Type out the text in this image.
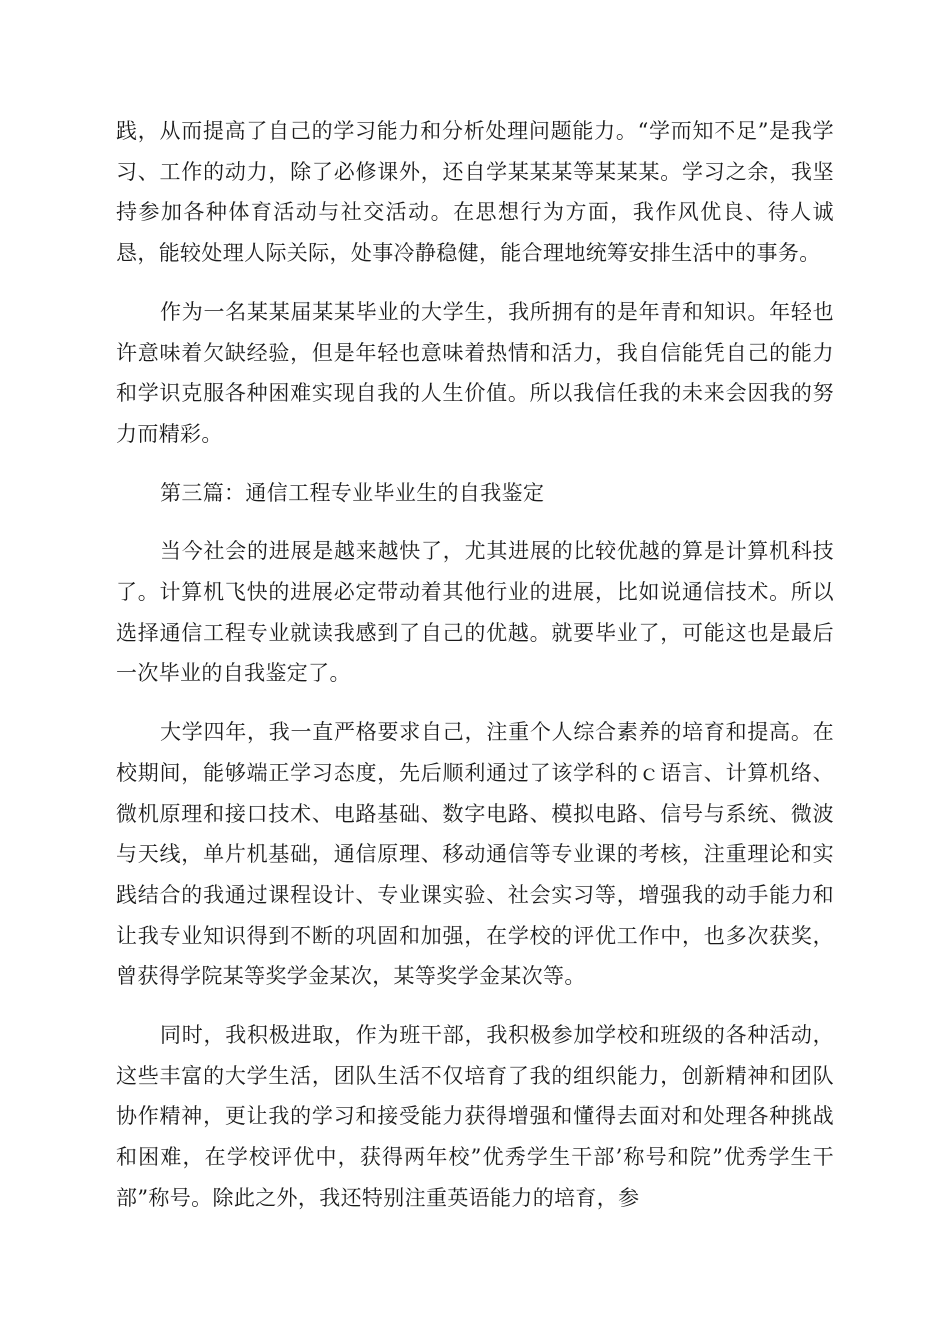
践，从而提高了自己的学习能力和分析处理问题能力。“学而知不足”是我学习、工作的动力，除了必修课外，还自学某某某等某某某。学习之余，我坚持参加各种体育活动与社交活动。在思想行为方面，我作风优良、待人诚恳，能较处理人际关际，处事冷静稳健，能合理地统筹安排生活中的事务。

作为一名某某届某某毕业的大学生，我所拥有的是年青和知识。年轻也许意味着欠缺经验，但是年轻也意味着热情和活力，我自信能凭自己的能力和学识克服各种困难实现自我的人生价值。所以我信任我的未来会因我的努力而精彩。

第三篇：通信工程专业毕业生的自我鉴定

当今社会的进展是越来越快了，尤其进展的比较优越的算是计算机科技了。计算机飞快的进展必定带动着其他行业的进展，比如说通信技术。所以选择通信工程专业就读我感到了自己的优越。就要毕业了，可能这也是最后一次毕业的自我鉴定了。

大学四年，我一直严格要求自己，注重个人综合素养的培育和提高。在校期间，能够端正学习态度，先后顺利通过了该学科的ｃ语言、计算机络、微机原理和接口技术、电路基础、数字电路、模拟电路、信号与系统、微波与天线，单片机基础，通信原理、移动通信等专业课的考核，注重理论和实践结合的我通过课程设计、专业课实验、社会实习等，增强我的动手能力和让我专业知识得到不断的巩固和加强，在学校的评优工作中，也多次获奖，曾获得学院某等奖学金某次，某等奖学金某次等。

同时，我积极进取，作为班干部，我积极参加学校和班级的各种活动，这些丰富的大学生活，团队生活不仅培育了我的组织能力，创新精神和团队协作精神，更让我的学习和接受能力获得增强和懂得去面对和处理各种挑战和困难，在学校评优中，获得两年校”优秀学生干部’称号和院”优秀学生干部”称号。除此之外，我还特别注重英语能力的培育，参
